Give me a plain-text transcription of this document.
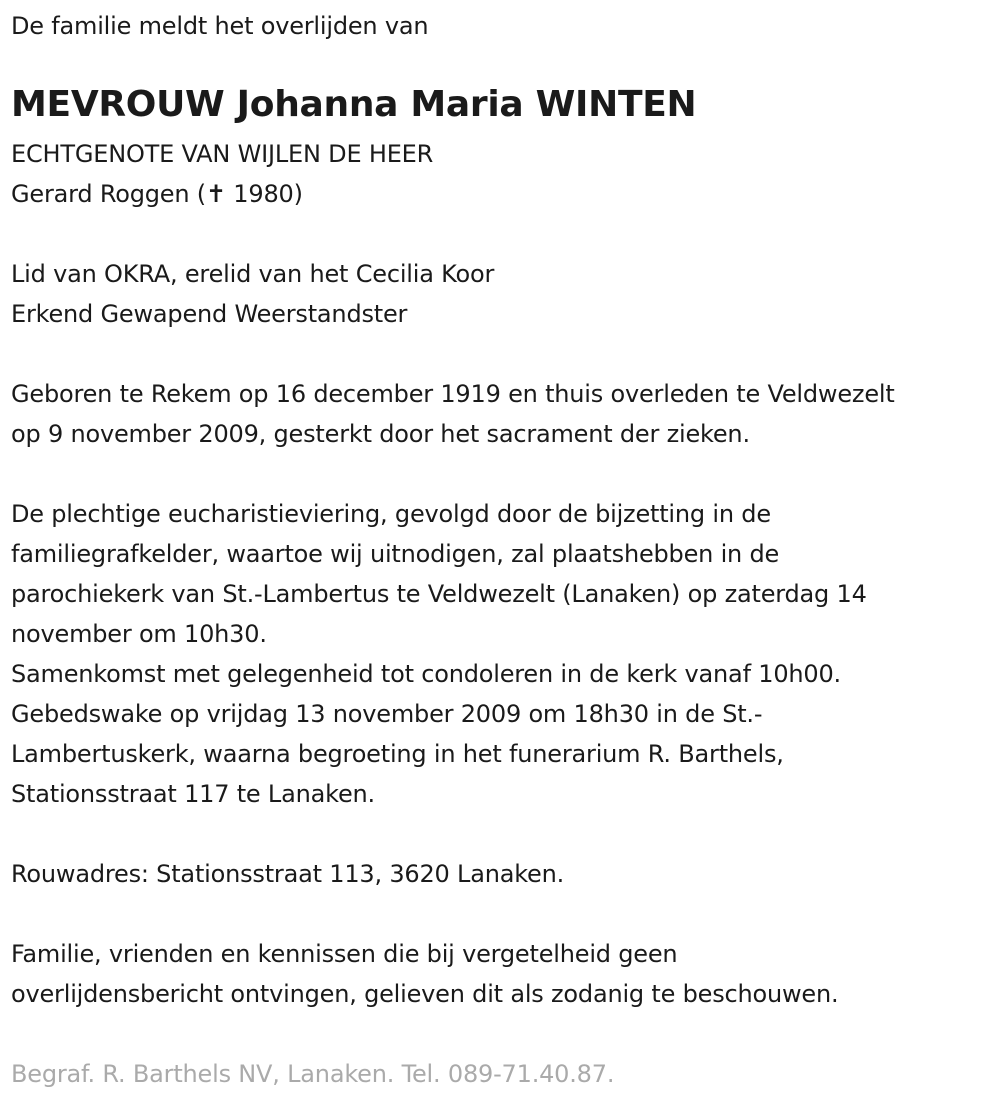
De familie meldt het overlijden van
MEVROUW Johanna Maria WINTEN
ECHTGENOTE VAN WIJLEN DE HEER
Gerard Roggen (✝ 1980)
Lid van OKRA, erelid van het Cecilia Koor
Erkend Gewapend Weerstandster
Geboren te Rekem op 16 december 1919 en thuis overleden te Veldwezelt
op 9 november 2009, gesterkt door het sacrament der zieken.
De plechtige eucharistieviering, gevolgd door de bijzetting in de
familiegrafkelder, waartoe wij uitnodigen, zal plaatshebben in de
parochiekerk van St.-Lambertus te Veldwezelt (Lanaken) op zaterdag 14
november om 10h30.
Samenkomst met gelegenheid tot condoleren in de kerk vanaf 10h00.
Gebedswake op vrijdag 13 november 2009 om 18h30 in de St.-
Lambertuskerk, waarna begroeting in het funerarium R. Barthels,
Stationsstraat 117 te Lanaken.
Rouwadres: Stationsstraat 113, 3620 Lanaken.
Familie, vrienden en kennissen die bij vergetelheid geen
overlijdensbericht ontvingen, gelieven dit als zodanig te beschouwen.
Begraf. R. Barthels NV, Lanaken. Tel. 089-71.40.87.
